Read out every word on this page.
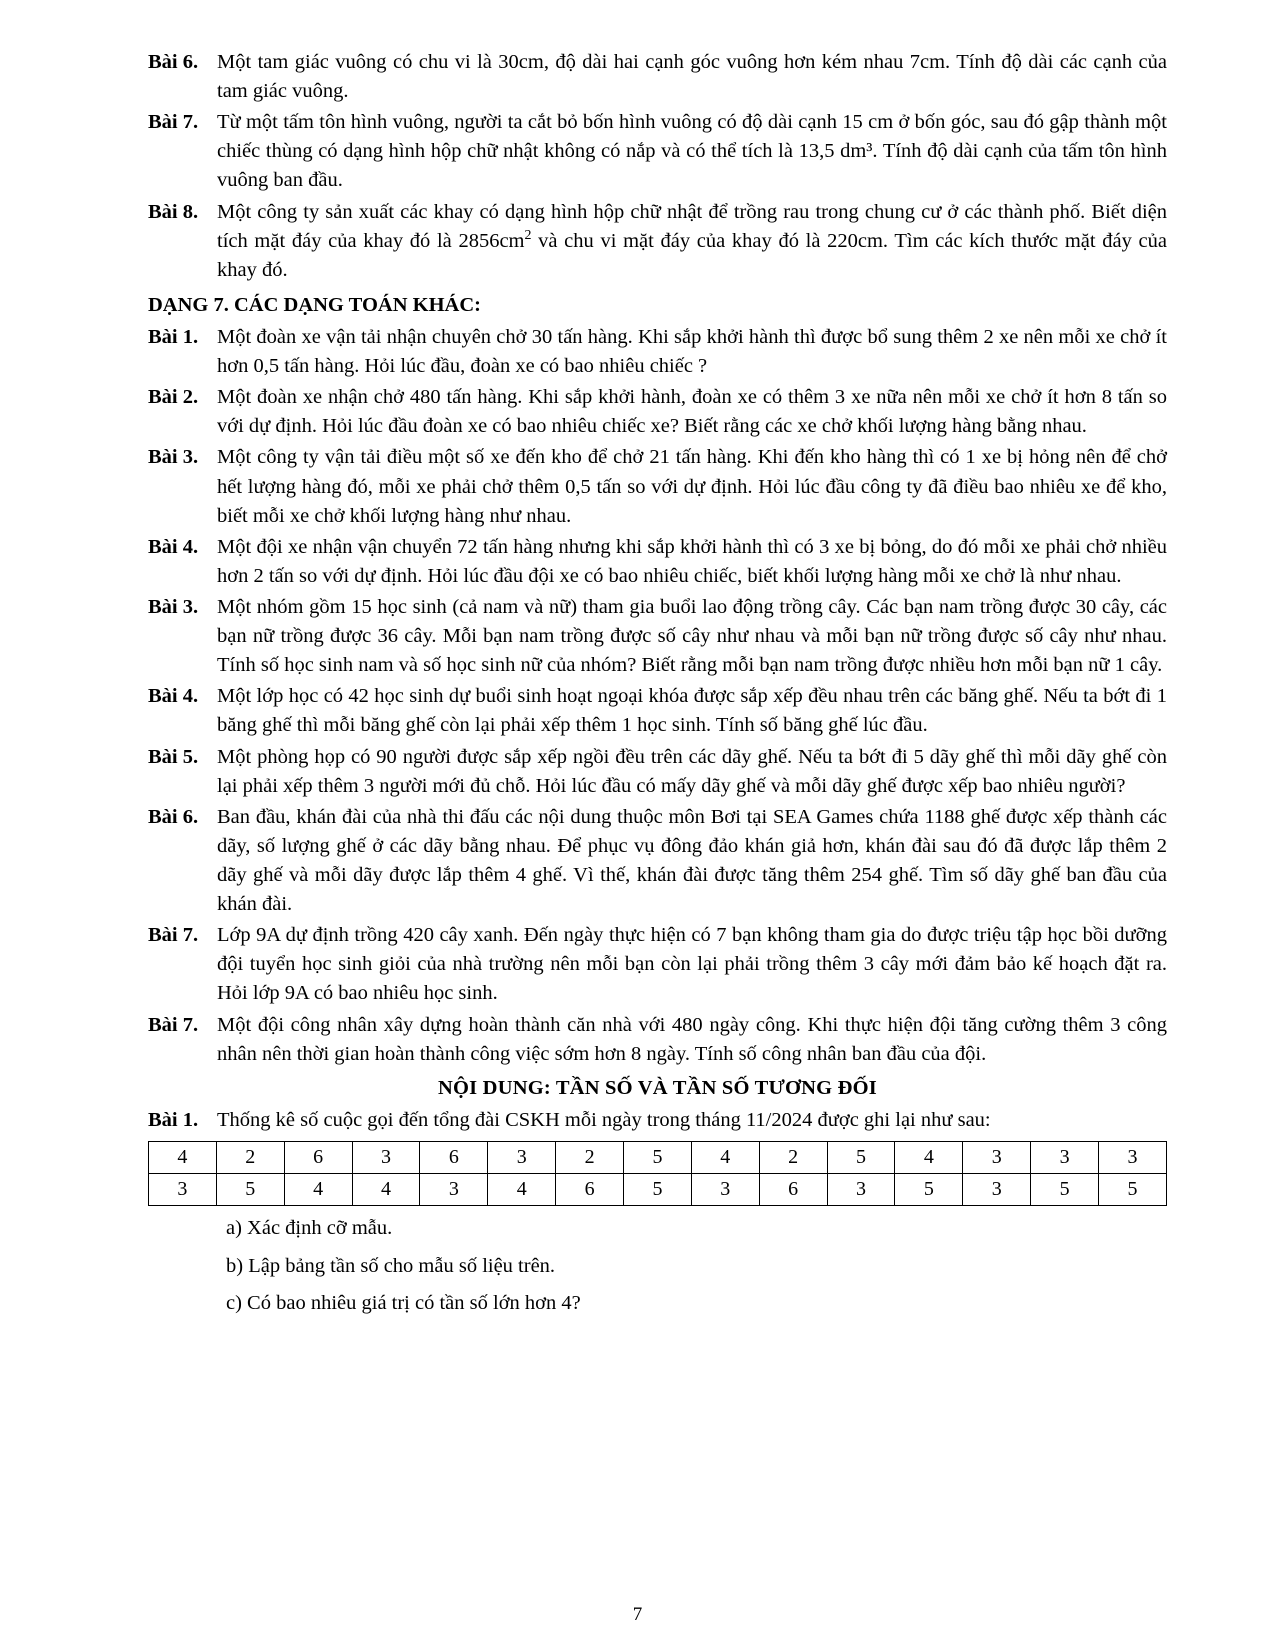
Bài 6. Một tam giác vuông có chu vi là 30cm, độ dài hai cạnh góc vuông hơn kém nhau 7cm. Tính độ dài các cạnh của tam giác vuông.
Bài 7. Từ một tấm tôn hình vuông, người ta cắt bỏ bốn hình vuông có độ dài cạnh 15 cm ở bốn góc, sau đó gập thành một chiếc thùng có dạng hình hộp chữ nhật không có nắp và có thể tích là 13,5 dm³. Tính độ dài cạnh của tấm tôn hình vuông ban đầu.
Bài 8. Một công ty sản xuất các khay có dạng hình hộp chữ nhật để trồng rau trong chung cư ở các thành phố. Biết diện tích mặt đáy của khay đó là $2856cm^2$ và chu vi mặt đáy của khay đó là 220cm. Tìm các kích thước mặt đáy của khay đó.
DẠNG 7. CÁC DẠNG TOÁN KHÁC:
Bài 1. Một đoàn xe vận tải nhận chuyên chở 30 tấn hàng. Khi sắp khởi hành thì được bổ sung thêm 2 xe nên mỗi xe chở ít hơn 0,5 tấn hàng. Hỏi lúc đầu, đoàn xe có bao nhiêu chiếc ?
Bài 2. Một đoàn xe nhận chở 480 tấn hàng. Khi sắp khởi hành, đoàn xe có thêm 3 xe nữa nên mỗi xe chở ít hơn 8 tấn so với dự định. Hỏi lúc đầu đoàn xe có bao nhiêu chiếc xe? Biết rằng các xe chở khối lượng hàng bằng nhau.
Bài 3. Một công ty vận tải điều một số xe đến kho để chở 21 tấn hàng. Khi đến kho hàng thì có 1 xe bị hỏng nên để chở hết lượng hàng đó, mỗi xe phải chở thêm 0,5 tấn so với dự định. Hỏi lúc đầu công ty đã điều bao nhiêu xe để kho, biết mỗi xe chở khối lượng hàng như nhau.
Bài 4. Một đội xe nhận vận chuyển 72 tấn hàng nhưng khi sắp khởi hành thì có 3 xe bị bỏng, do đó mỗi xe phải chở nhiều hơn 2 tấn so với dự định. Hỏi lúc đầu đội xe có bao nhiêu chiếc, biết khối lượng hàng mỗi xe chở là như nhau.
Bài 3. Một nhóm gồm 15 học sinh (cả nam và nữ) tham gia buổi lao động trồng cây. Các bạn nam trồng được 30 cây, các bạn nữ trồng được 36 cây. Mỗi bạn nam trồng được số cây như nhau và mỗi bạn nữ trồng được số cây như nhau. Tính số học sinh nam và số học sinh nữ của nhóm? Biết rằng mỗi bạn nam trồng được nhiều hơn mỗi bạn nữ 1 cây.
Bài 4. Một lớp học có 42 học sinh dự buổi sinh hoạt ngoại khóa được sắp xếp đều nhau trên các băng ghế. Nếu ta bớt đi 1 băng ghế thì mỗi băng ghế còn lại phải xếp thêm 1 học sinh. Tính số băng ghế lúc đầu.
Bài 5. Một phòng họp có 90 người được sắp xếp ngồi đều trên các dãy ghế. Nếu ta bớt đi 5 dãy ghế thì mỗi dãy ghế còn lại phải xếp thêm 3 người mới đủ chỗ. Hỏi lúc đầu có mấy dãy ghế và mỗi dãy ghế được xếp bao nhiêu người?
Bài 6. Ban đầu, khán đài của nhà thi đấu các nội dung thuộc môn Bơi tại SEA Games chứa 1188 ghế được xếp thành các dãy, số lượng ghế ở các dãy bằng nhau. Để phục vụ đông đảo khán giả hơn, khán đài sau đó đã được lắp thêm 2 dãy ghế và mỗi dãy được lắp thêm 4 ghế. Vì thế, khán đài được tăng thêm 254 ghế. Tìm số dãy ghế ban đầu của khán đài.
Bài 7. Lớp 9A dự định trồng 420 cây xanh. Đến ngày thực hiện có 7 bạn không tham gia do được triệu tập học bồi dưỡng đội tuyển học sinh giỏi của nhà trường nên mỗi bạn còn lại phải trồng thêm 3 cây mới đảm bảo kế hoạch đặt ra. Hỏi lớp 9A có bao nhiêu học sinh.
Bài 7. Một đội công nhân xây dựng hoàn thành căn nhà với 480 ngày công. Khi thực hiện đội tăng cường thêm 3 công nhân nên thời gian hoàn thành công việc sớm hơn 8 ngày. Tính số công nhân ban đầu của đội.
NỘI DUNG: TẦN SỐ VÀ TẦN SỐ TƯƠNG ĐỐI
Bài 1. Thống kê số cuộc gọi đến tổng đài CSKH mỗi ngày trong tháng 11/2024 được ghi lại như sau:
4	2	6	3	6	3	2	5	4	2	5	4	3	3	3
3	5	4	4	3	4	6	5	3	6	3	5	3	5	5
a) Xác định cỡ mẫu.
b) Lập bảng tần số cho mẫu số liệu trên.
c) Có bao nhiêu giá trị có tần số lớn hơn 4?
7
